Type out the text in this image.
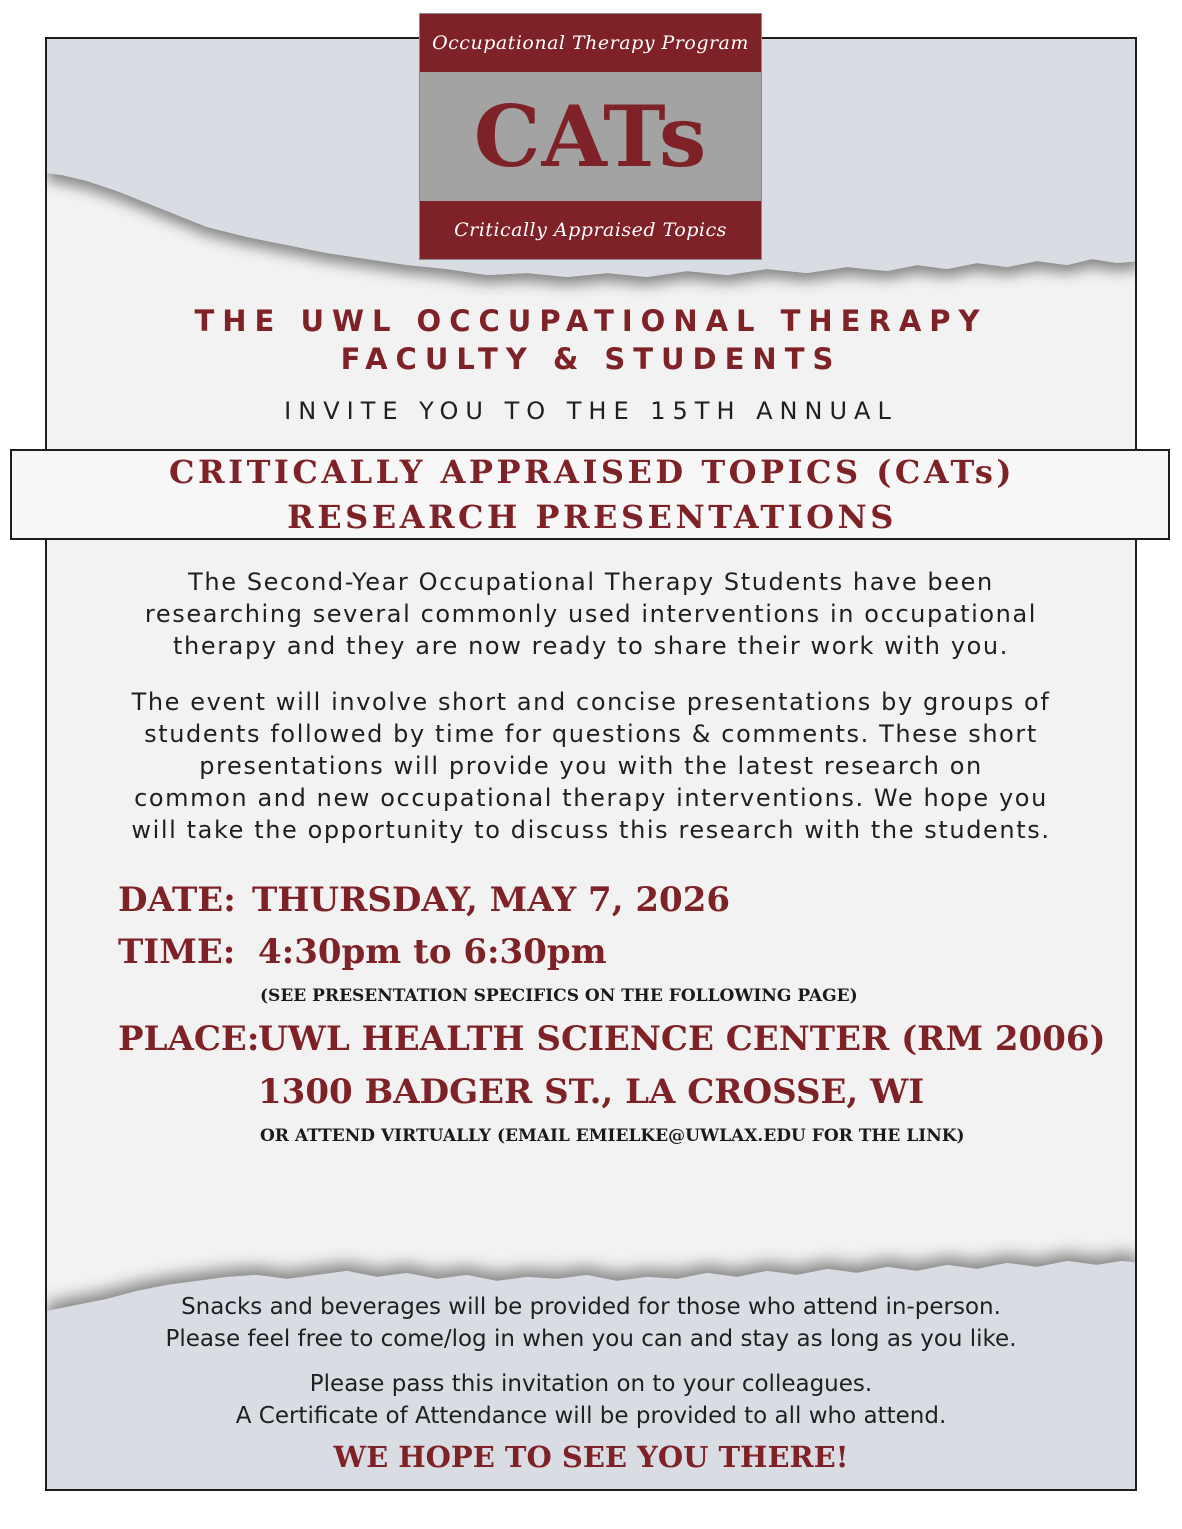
Occupational Therapy Program
CATs
Critically Appraised Topics
THE UWL OCCUPATIONAL THERAPY
FACULTY & STUDENTS
INVITE YOU TO THE 15TH ANNUAL
CRITICALLY APPRAISED TOPICS (CATs)
RESEARCH PRESENTATIONS
The Second-Year Occupational Therapy Students have been
researching several commonly used interventions in occupational
therapy and they are now ready to share their work with you.
The event will involve short and concise presentations by groups of
students followed by time for questions & comments. These short
presentations will provide you with the latest research on
common and new occupational therapy interventions. We hope you
will take the opportunity to discuss this research with the students.
DATE: THURSDAY, MAY 7, 2026
TIME: 4:30pm to 6:30pm
(SEE PRESENTATION SPECIFICS ON THE FOLLOWING PAGE)
PLACE:
UWL HEALTH SCIENCE CENTER (RM 2006)
1300 BADGER ST., LA CROSSE, WI
OR ATTEND VIRTUALLY (EMAIL EMIELKE@UWLAX.EDU FOR THE LINK)
Snacks and beverages will be provided for those who attend in-person.
Please feel free to come/log in when you can and stay as long as you like.
Please pass this invitation on to your colleagues.
A Certificate of Attendance will be provided to all who attend.
WE HOPE TO SEE YOU THERE!
